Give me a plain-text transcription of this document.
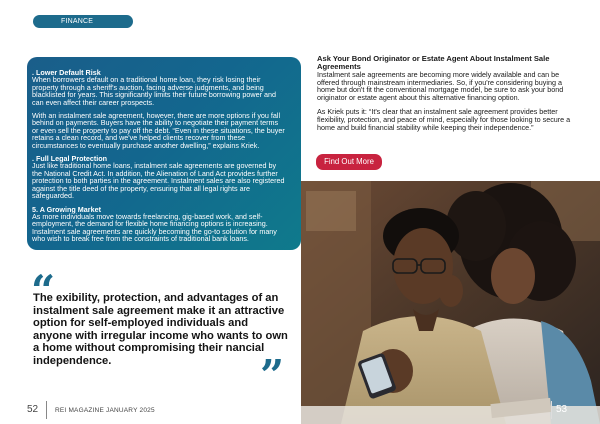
FINANCE
. Lower Default Risk
When borrowers default on a traditional home loan, they risk losing their property through a sheriff's auction, facing adverse judgments, and being blacklisted for years. This significantly limits their future borrowing power and can even affect their career prospects.
With an instalment sale agreement, however, there are more options if you fall behind on payments. Buyers have the ability to negotiate their payment terms or even sell the property to pay off the debt. “Even in these situations, the buyer retains a clean record, and we've helped clients recover from these circumstances to eventually purchase another dwelling,” explains Kriek.
. Full Legal Protection
Just like traditional home loans, instalment sale agreements are governed by the National Credit Act. In addition, the Alienation of Land Act provides further protection to both parties in the agreement. Instalment sales are also registered against the title deed of the property, ensuring that all legal rights are safeguarded.
5. A Growing Market
As more individuals move towards freelancing, gig-based work, and self-employment, the demand for flexible home financing options is increasing. Instalment sale agreements are quickly becoming the go-to solution for many who wish to break free from the constraints of traditional bank loans.
“
The exibility, protection, and advantages of an instalment sale agreement make it an attractive option for self-employed individuals and anyone with irregular income who wants to own a home without compromising their nancial independence.	”
Ask Your Bond Originator or Estate Agent About Instalment Sale Agreements
Instalment sale agreements are becoming more widely available and can be offered through mainstream intermediaries. So, if you're considering buying a home but don't fit the conventional mortgage model, be sure to ask your bond originator or estate agent about this alternative financing option.
As Kriek puts it: “It's clear that an instalment sale agreement provides better flexibility, protection, and peace of mind, especially for those looking to secure a home and build financial stability while keeping their independence.”
Find Out More
52	REI MAGAZINE JANUARY 2025	53
